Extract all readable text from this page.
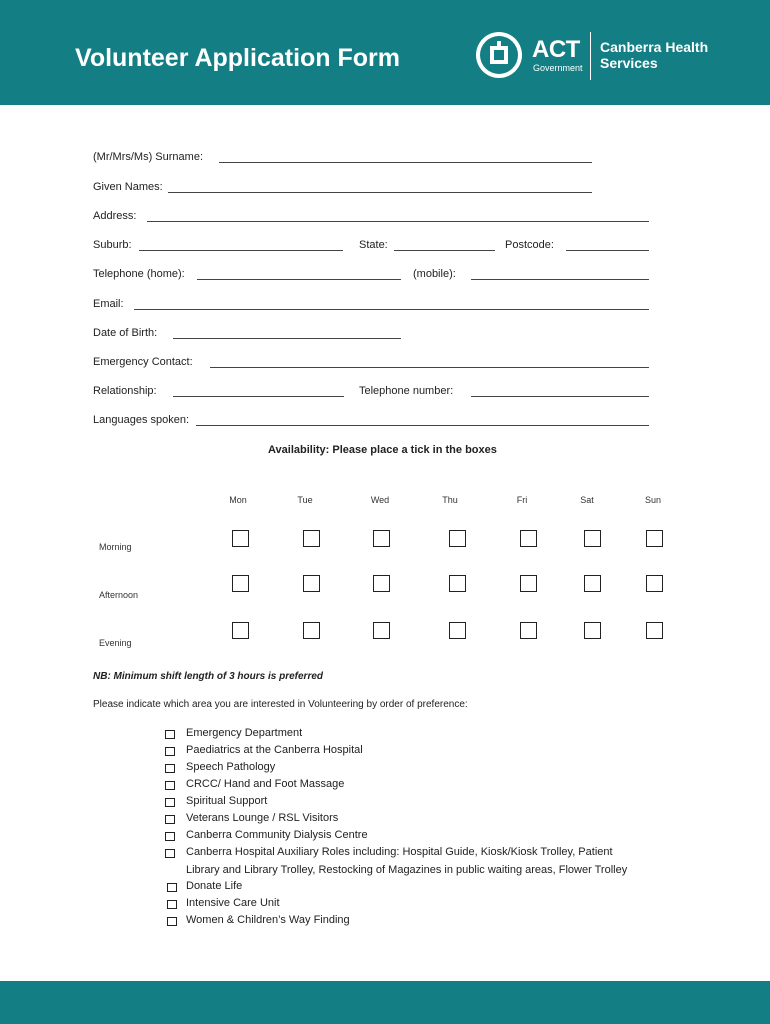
Volunteer Application Form	ACT
Government
Canberra Health
Services
(Mr/Mrs/Ms) Surname:
Given Names:
Address:
Suburb:	State:	Postcode:
Telephone (home):	(mobile):
Email:
Date of Birth:
Emergency Contact:
Relationship:	Telephone number:
Languages spoken:
Availability: Please place a tick in the boxes
Mon	Tue	Wed	Thu	Fri	Sat	Sun
Morning
Afternoon
Evening
NB: Minimum shift length of 3 hours is preferred
Please indicate which area you are interested in Volunteering by order of preference:
Emergency Department
Paediatrics at the Canberra Hospital
Speech Pathology
CRCC/ Hand and Foot Massage
Spiritual Support
Veterans Lounge / RSL Visitors
Canberra Community Dialysis Centre
Canberra Hospital Auxiliary Roles including: Hospital Guide, Kiosk/Kiosk Trolley, Patient
Library and Library Trolley, Restocking of Magazines in public waiting areas, Flower Trolley
Donate Life
Intensive Care Unit
Women & Children’s Way Finding
